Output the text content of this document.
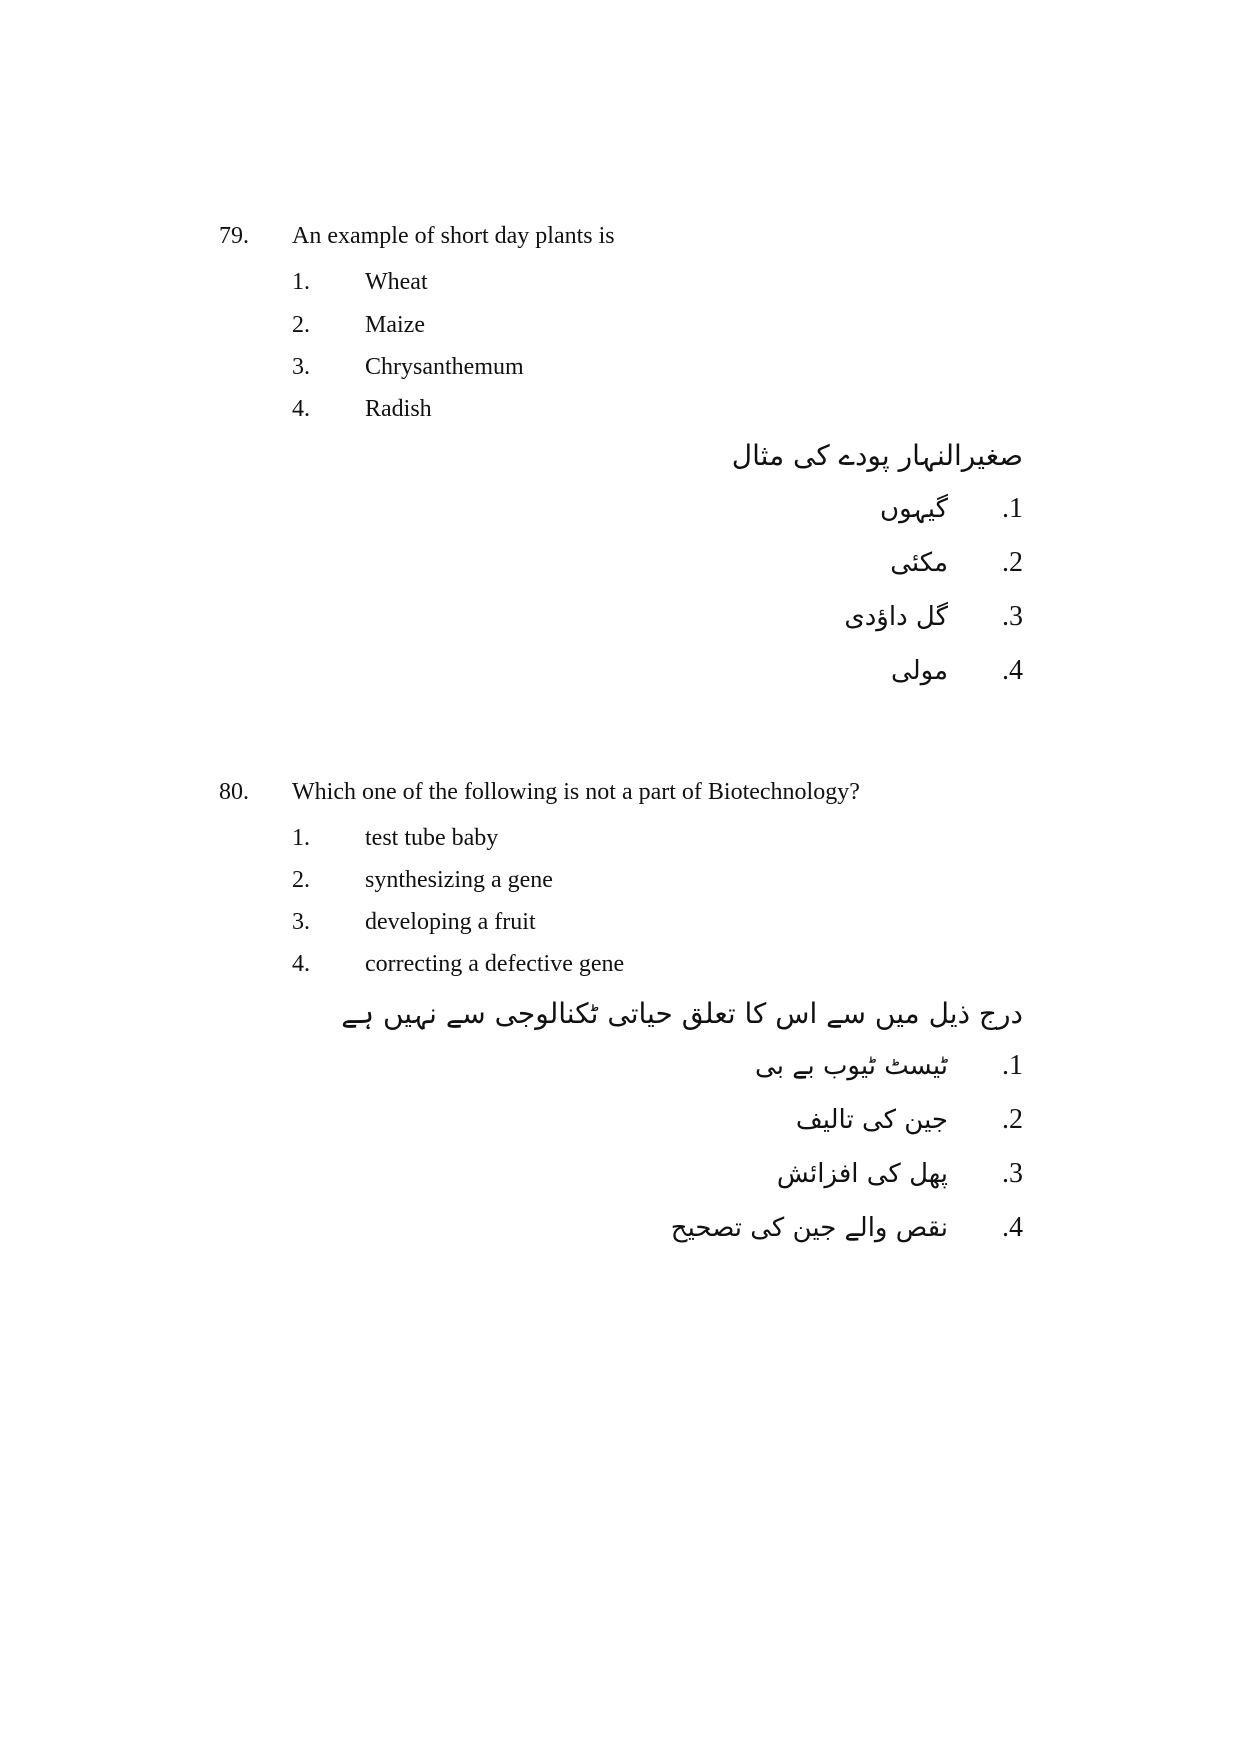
79. An example of short day plants is
1. Wheat
2. Maize
3. Chrysanthemum
4. Radish
صغیرالنہار پودے کی مثال
.1
گیہوں
.2
مکئی
.3
گل داؤدی
.4
مولی
80. Which one of the following is not a part of Biotechnology?
1. test tube baby
2. synthesizing a gene
3. developing a fruit
4. correcting a defective gene
درج ذیل میں سے اس کا تعلق حیاتی ٹکنالوجی سے نہیں ہے
.1
ٹیسٹ ٹیوب بے بی
.2
جین کی تالیف
.3
پھل کی افزائش
.4
نقص والے جین کی تصحیح
